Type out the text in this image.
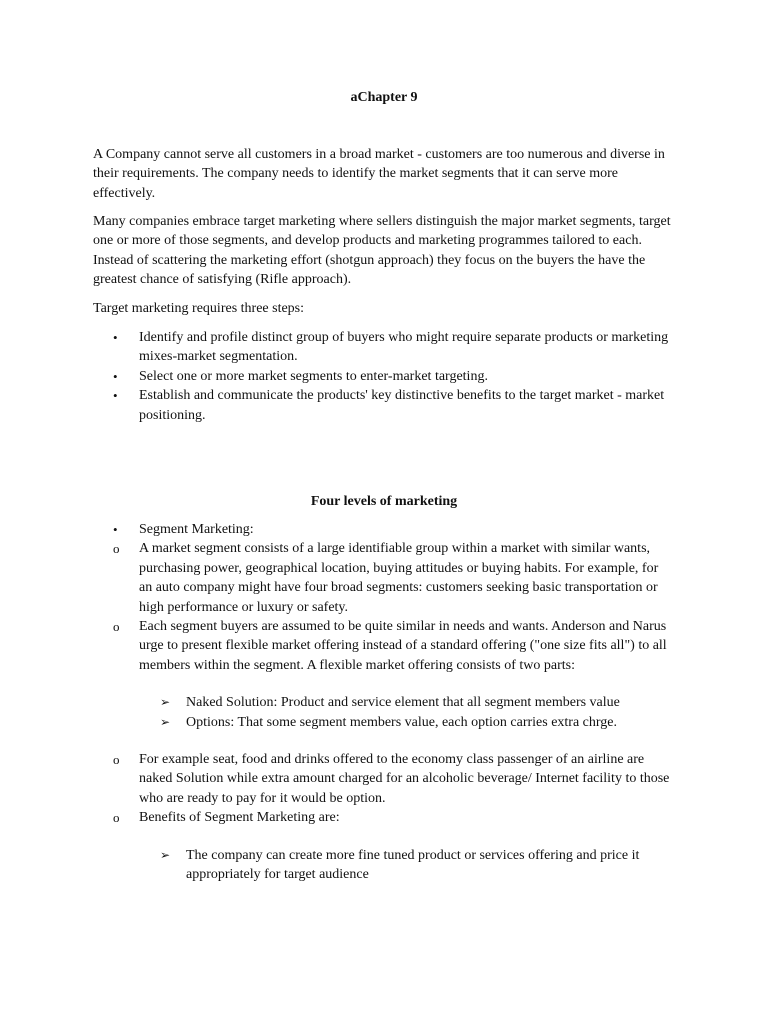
aChapter 9

A Company cannot serve all customers in a broad market - customers are too numerous and diverse in their requirements. The company needs to identify the market segments that it can serve more effectively.

Many companies embrace target marketing where sellers distinguish the major market segments, target one or more of those segments, and develop products and marketing programmes tailored to each. Instead of scattering the marketing effort (shotgun approach) they focus on the buyers the have the greatest chance of satisfying (Rifle approach).

Target marketing requires three steps:

•	Identify and profile distinct group of buyers who might require separate products or marketing mixes-market segmentation.
•	Select one or more market segments to enter-market targeting.
•	Establish and communicate the products' key distinctive benefits to the target market - market positioning.
Four levels of marketing
•	Segment Marketing:
o	A market segment consists of a large identifiable group within a market with similar wants, purchasing power, geographical location, buying attitudes or buying habits. For example, for an auto company might have four broad segments: customers seeking basic transportation or high performance or luxury or safety.
o	Each segment buyers are assumed to be quite similar in needs and wants. Anderson and Narus urge to present flexible market offering instead of a standard offering ("one size fits all") to all members within the segment. A flexible market offering consists of two parts:
➢ Naked Solution: Product and service element that all segment members value
➢ Options: That some segment members value, each option carries extra chrge.
o	For example seat, food and drinks offered to the economy class passenger of an airline are naked Solution while extra amount charged for an alcoholic beverage/ Internet facility to those who are ready to pay for it would be option.
o	Benefits of Segment Marketing are:
➢ The company can create more fine tuned product or services offering and price it appropriately for target audience
